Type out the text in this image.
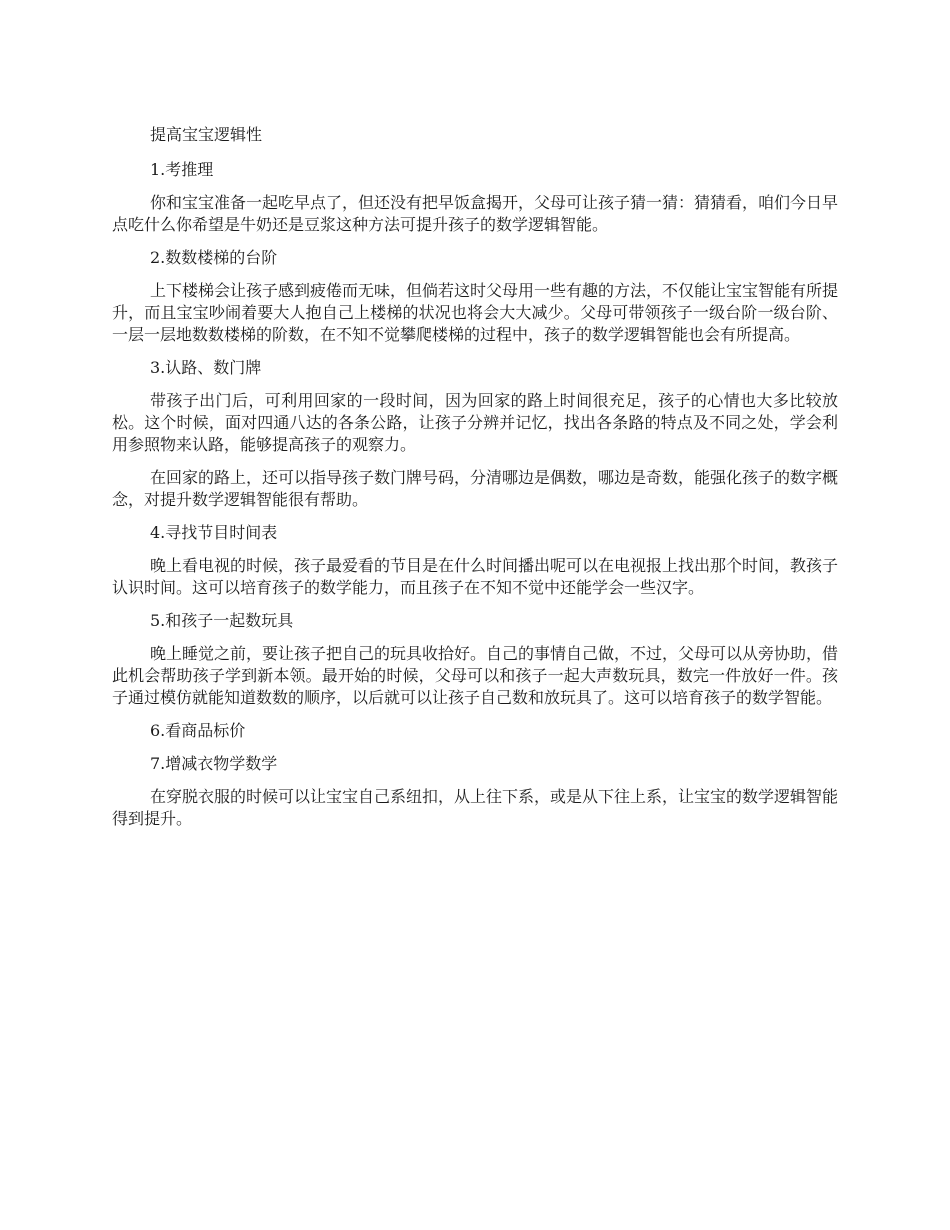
提高宝宝逻辑性

1.考推理

你和宝宝准备一起吃早点了，但还没有把早饭盒揭开，父母可让孩子猜一猜：猜猜看，咱们今日早点吃什么你希望是牛奶还是豆浆这种方法可提升孩子的数学逻辑智能。

2.数数楼梯的台阶

上下楼梯会让孩子感到疲倦而无味，但倘若这时父母用一些有趣的方法，不仅能让宝宝智能有所提升，而且宝宝吵闹着要大人抱自己上楼梯的状况也将会大大减少。父母可带领孩子一级台阶一级台阶、一层一层地数数楼梯的阶数，在不知不觉攀爬楼梯的过程中，孩子的数学逻辑智能也会有所提高。

3.认路、数门牌

带孩子出门后，可利用回家的一段时间，因为回家的路上时间很充足，孩子的心情也大多比较放松。这个时候，面对四通八达的各条公路，让孩子分辨并记忆，找出各条路的特点及不同之处，学会利用参照物来认路，能够提高孩子的观察力。

在回家的路上，还可以指导孩子数门牌号码，分清哪边是偶数，哪边是奇数，能强化孩子的数字概念，对提升数学逻辑智能很有帮助。

4.寻找节目时间表

晚上看电视的时候，孩子最爱看的节目是在什么时间播出呢可以在电视报上找出那个时间，教孩子认识时间。这可以培育孩子的数学能力，而且孩子在不知不觉中还能学会一些汉字。

5.和孩子一起数玩具

晚上睡觉之前，要让孩子把自己的玩具收拾好。自己的事情自己做，不过，父母可以从旁协助，借此机会帮助孩子学到新本领。最开始的时候，父母可以和孩子一起大声数玩具，数完一件放好一件。孩子通过模仿就能知道数数的顺序，以后就可以让孩子自己数和放玩具了。这可以培育孩子的数学智能。

6.看商品标价

7.增减衣物学数学

在穿脱衣服的时候可以让宝宝自己系纽扣，从上往下系，或是从下往上系，让宝宝的数学逻辑智能得到提升。
